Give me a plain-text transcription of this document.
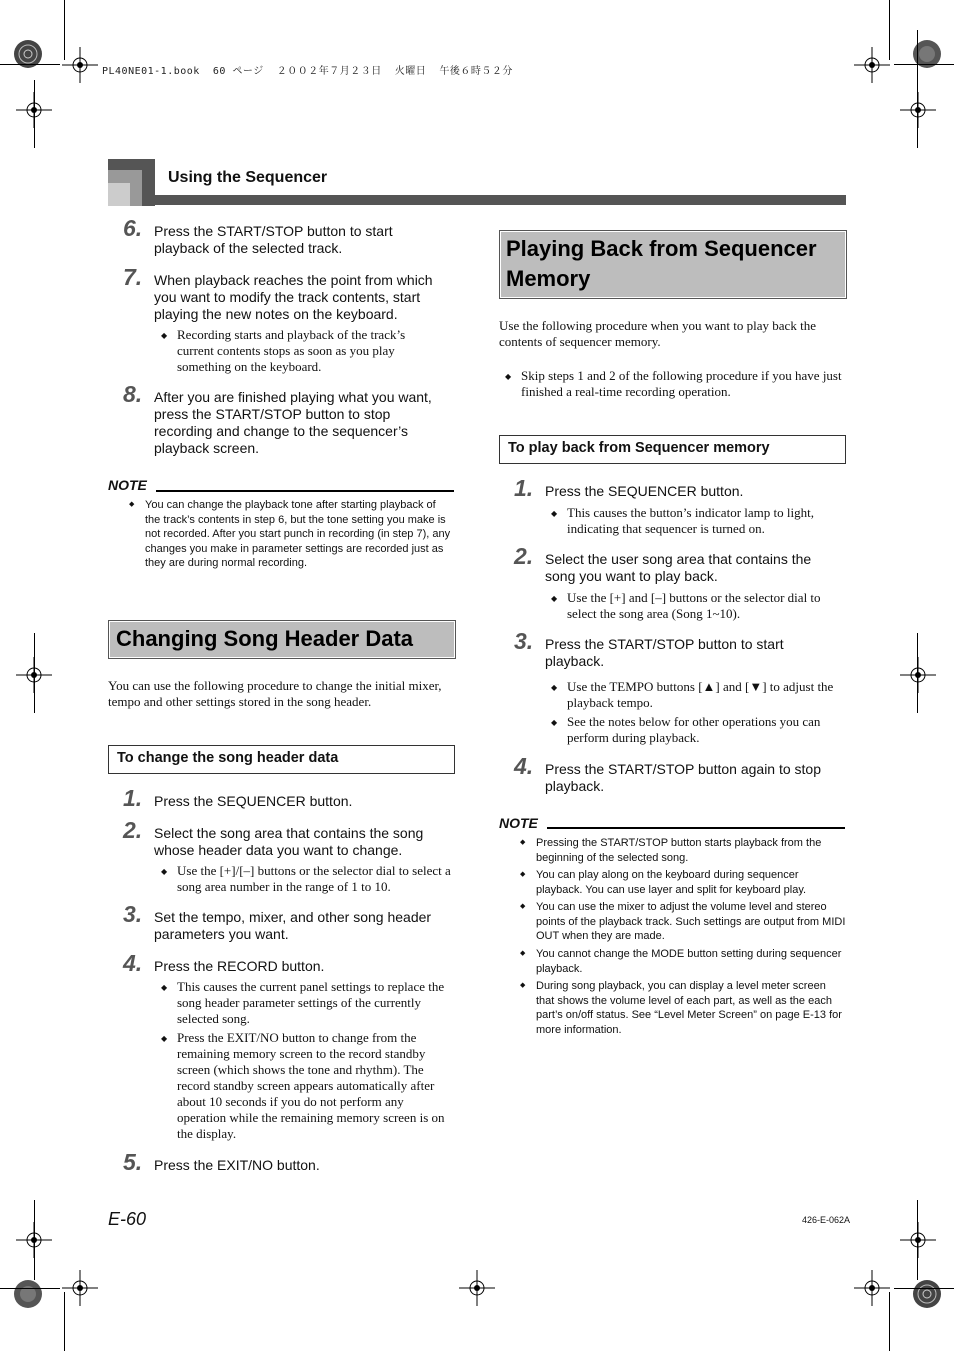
PL40NE01-1.book  60 ページ  ２００２年７月２３日  火曜日  午後６時５２分
Using the Sequencer
6. Press the START/STOP button to start playback of the selected track.
7. When playback reaches the point from which you want to modify the track contents, start playing the new notes on the keyboard.
◆ Recording starts and playback of the track’s current contents stops as soon as you play something on the keyboard.
8. After you are finished playing what you want, press the START/STOP button to stop recording and change to the sequencer’s playback screen.
NOTE
◆ You can change the playback tone after starting playback of the track’s contents in step 6, but the tone setting you make is not recorded. After you start punch in recording (in step 7), any changes you make in parameter settings are recorded just as they are during normal recording.
Changing Song Header Data
You can use the following procedure to change the initial mixer, tempo and other settings stored in the song header.
To change the song header data
1. Press the SEQUENCER button.
2. Select the song area that contains the song whose header data you want to change.
◆ Use the [+]/[–] buttons or the selector dial to select a song area number in the range of 1 to 10.
3. Set the tempo, mixer, and other song header parameters you want.
4. Press the RECORD button.
◆ This causes the current panel settings to replace the song header parameter settings of the currently selected song.
◆ Press the EXIT/NO button to change from the remaining memory screen to the record standby screen (which shows the tone and rhythm). The record standby screen appears automatically after about 10 seconds if you do not perform any operation while the remaining memory screen is on the display.
5. Press the EXIT/NO button.
Playing Back from Sequencer
Memory
Use the following procedure when you want to play back the contents of sequencer memory.
◆ Skip steps 1 and 2 of the following procedure if you have just finished a real-time recording operation.
To play back from Sequencer memory
1. Press the SEQUENCER button.
◆ This causes the button’s indicator lamp to light, indicating that sequencer is turned on.
2. Select the user song area that contains the song you want to play back.
◆ Use the [+] and [–] buttons or the selector dial to select the song area (Song 1~10).
3. Press the START/STOP button to start playback.
◆ Use the TEMPO buttons [▲] and [▼] to adjust the playback tempo.
◆ See the notes below for other operations you can perform during playback.
4. Press the START/STOP button again to stop playback.
NOTE
◆ Pressing the START/STOP button starts playback from the beginning of the selected song.
◆ You can play along on the keyboard during sequencer playback. You can use layer and split for keyboard play.
◆ You can use the mixer to adjust the volume level and stereo points of the playback track. Such settings are output from MIDI OUT when they are made.
◆ You cannot change the MODE button setting during sequencer playback.
◆ During song playback, you can display a level meter screen that shows the volume level of each part, as well as the each part’s on/off status. See “Level Meter Screen” on page E-13 for more information.
E-60	426-E-062A
